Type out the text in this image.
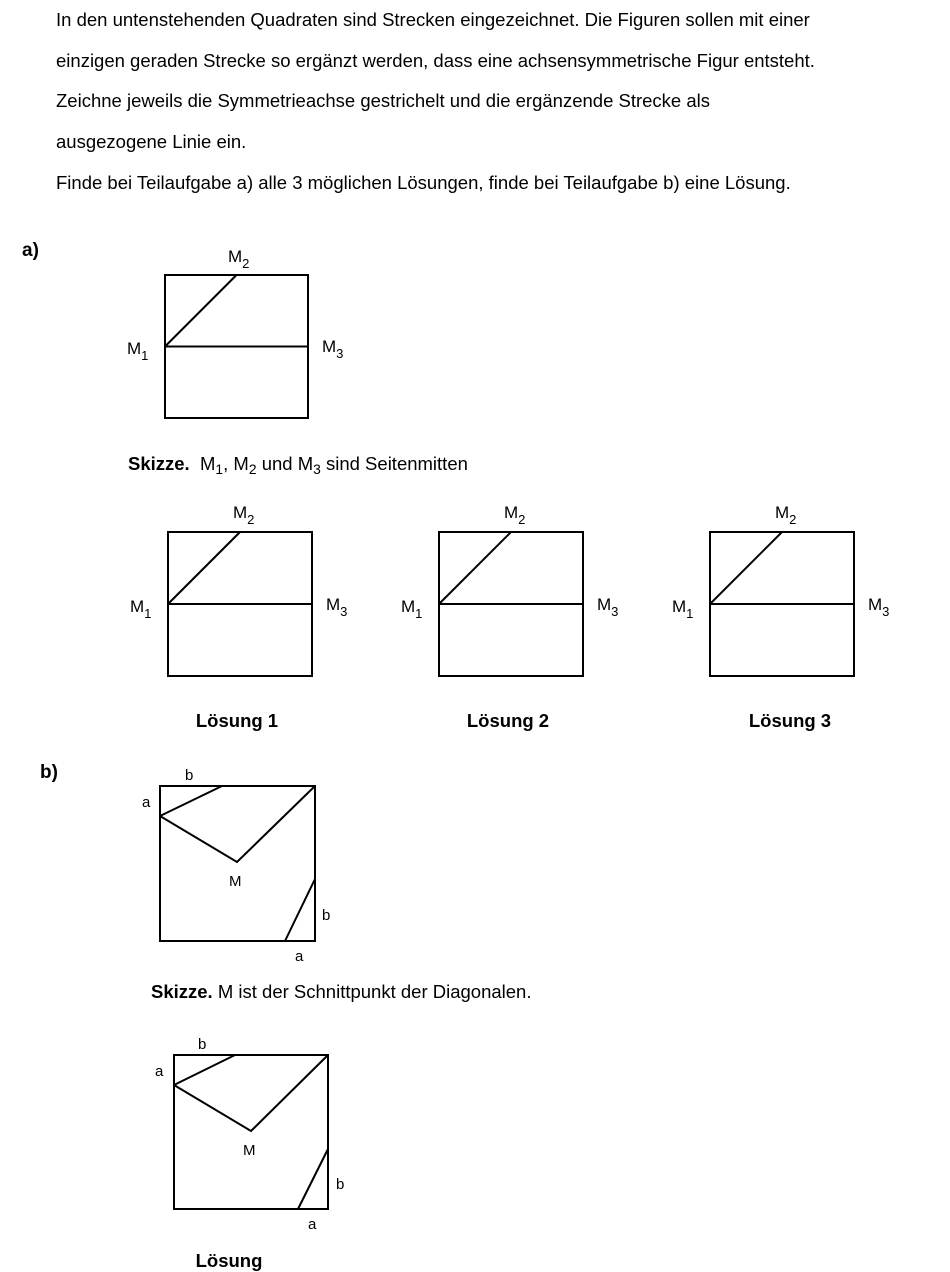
In den untenstehenden Quadraten sind Strecken eingezeichnet. Die Figuren sollen mit einer

einzigen geraden Strecke so ergänzt werden, dass eine achsensymmetrische Figur entsteht.

Zeichne jeweils die Symmetrieachse gestrichelt und die ergänzende Strecke als

ausgezogene Linie ein.

Finde bei Teilaufgabe a) alle 3 möglichen Lösungen, finde bei Teilaufgabe b) eine Lösung.

a)	$M_2$
$M_1$	$M_3$
$M_2$
$M_1$	$M_3$
$M_2$
$M_1$	$M_3$
$M_2$
$M_1$	$M_3$
b
a
M
b
a
b
a
M
b
a
Skizze. $M_1$, $M_2$ und $M_3$ sind Seitenmitten
Lösung 1	Lösung 2	Lösung 3
b)
Skizze. M ist der Schnittpunkt der Diagonalen.
Lösung
